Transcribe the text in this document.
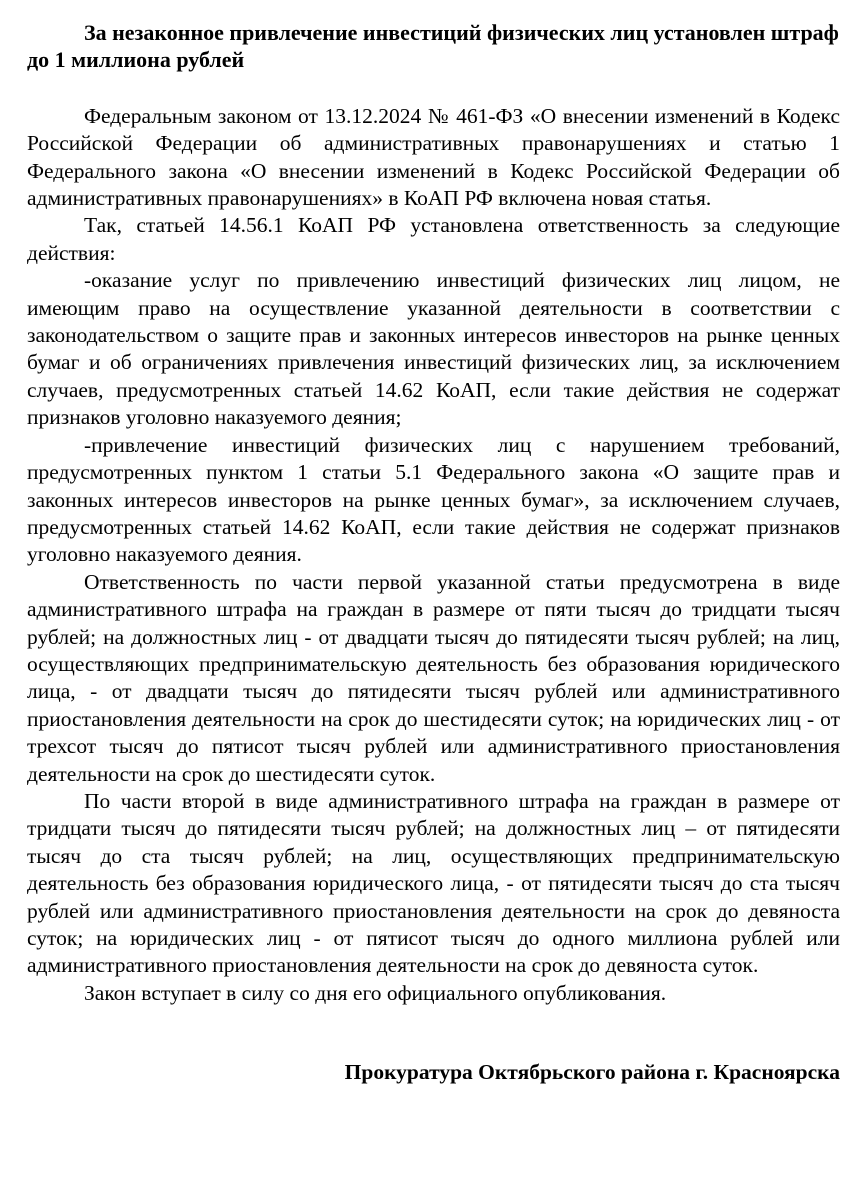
За незаконное привлечение инвестиций физических лиц установлен штраф до 1 миллиона рублей

Федеральным законом от 13.12.2024 № 461-ФЗ «О внесении изменений в Кодекс Российской Федерации об административных правонарушениях и статью 1 Федерального закона «О внесении изменений в Кодекс Российской Федерации об административных правонарушениях» в КоАП РФ включена новая статья.

Так, статьей 14.56.1 КоАП РФ установлена ответственность за следующие действия:

-оказание услуг по привлечению инвестиций физических лиц лицом, не имеющим право на осуществление указанной деятельности в соответствии с законодательством о защите прав и законных интересов инвесторов на рынке ценных бумаг и об ограничениях привлечения инвестиций физических лиц, за исключением случаев, предусмотренных статьей 14.62 КоАП, если такие действия не содержат признаков уголовно наказуемого деяния;

-привлечение инвестиций физических лиц с нарушением требований, предусмотренных пунктом 1 статьи 5.1 Федерального закона «О защите прав и законных интересов инвесторов на рынке ценных бумаг», за исключением случаев, предусмотренных статьей 14.62 КоАП, если такие действия не содержат признаков уголовно наказуемого деяния.

Ответственность по части первой указанной статьи предусмотрена в виде административного штрафа на граждан в размере от пяти тысяч до тридцати тысяч рублей; на должностных лиц - от двадцати тысяч до пятидесяти тысяч рублей; на лиц, осуществляющих предпринимательскую деятельность без образования юридического лица, - от двадцати тысяч до пятидесяти тысяч рублей или административного приостановления деятельности на срок до шестидесяти суток; на юридических лиц - от трехсот тысяч до пятисот тысяч рублей или административного приостановления деятельности на срок до шестидесяти суток.

По части второй в виде административного штрафа на граждан в размере от тридцати тысяч до пятидесяти тысяч рублей; на должностных лиц – от пятидесяти тысяч до ста тысяч рублей; на лиц, осуществляющих предпринимательскую деятельность без образования юридического лица, - от пятидесяти тысяч до ста тысяч рублей или административного приостановления деятельности на срок до девяноста суток; на юридических лиц - от пятисот тысяч до одного миллиона рублей или административного приостановления деятельности на срок до девяноста суток.

Закон вступает в силу со дня его официального опубликования.

Прокуратура Октябрьского района г. Красноярска
